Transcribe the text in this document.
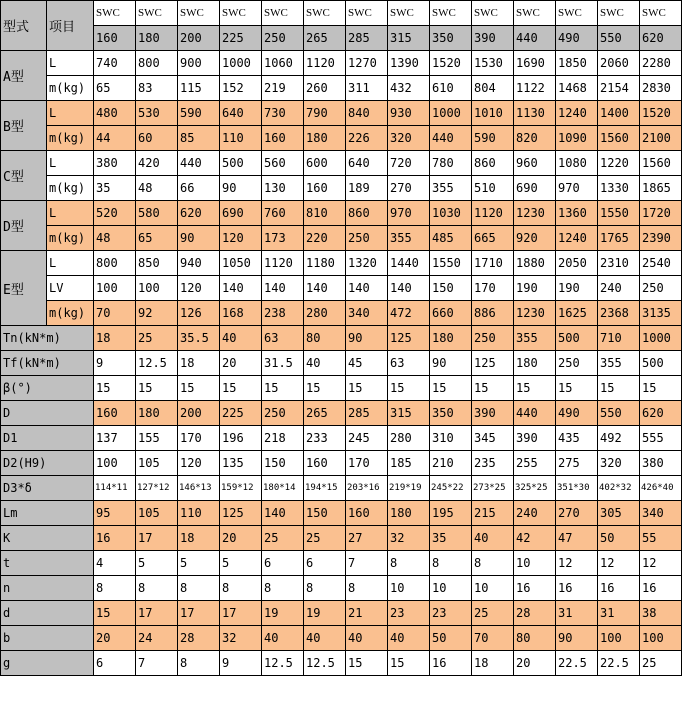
型式	项目	SWC	SWC	SWC	SWC	SWC	SWC	SWC	SWC	SWC	SWC	SWC	SWC	SWC	SWC
		160	180	200	225	250	265	285	315	350	390	440	490	550	620
A型	L	740	800	900	1000	1060	1120	1270	1390	1520	1530	1690	1850	2060	2280
	m(kg)	65	83	115	152	219	260	311	432	610	804	1122	1468	2154	2830
B型	L	480	530	590	640	730	790	840	930	1000	1010	1130	1240	1400	1520
	m(kg)	44	60	85	110	160	180	226	320	440	590	820	1090	1560	2100
C型	L	380	420	440	500	560	600	640	720	780	860	960	1080	1220	1560
	m(kg)	35	48	66	90	130	160	189	270	355	510	690	970	1330	1865
D型	L	520	580	620	690	760	810	860	970	1030	1120	1230	1360	1550	1720
	m(kg)	48	65	90	120	173	220	250	355	485	665	920	1240	1765	2390
E型	L	800	850	940	1050	1120	1180	1320	1440	1550	1710	1880	2050	2310	2540
	LV	100	100	120	140	140	140	140	140	150	170	190	190	240	250
	m(kg)	70	92	126	168	238	280	340	472	660	886	1230	1625	2368	3135
Tn(kN*m)		18	25	35.5	40	63	80	90	125	180	250	355	500	710	1000
Tf(kN*m)		9	12.5	18	20	31.5	40	45	63	90	125	180	250	355	500
β(°)		15	15	15	15	15	15	15	15	15	15	15	15	15	15
D		160	180	200	225	250	265	285	315	350	390	440	490	550	620
D1		137	155	170	196	218	233	245	280	310	345	390	435	492	555
D2(H9)		100	105	120	135	150	160	170	185	210	235	255	275	320	380
D3*δ		114*11	127*12	146*13	159*12	180*14	194*15	203*16	219*19	245*22	273*25	325*25	351*30	402*32	426*40
Lm		95	105	110	125	140	150	160	180	195	215	240	270	305	340
K		16	17	18	20	25	25	27	32	35	40	42	47	50	55
t		4	5	5	5	6	6	7	8	8	8	10	12	12	12
n		8	8	8	8	8	8	8	10	10	10	16	16	16	16
d		15	17	17	17	19	19	21	23	23	25	28	31	31	38
b		20	24	28	32	40	40	40	40	50	70	80	90	100	100
g		6	7	8	9	12.5	12.5	15	15	16	18	20	22.5	22.5	25
